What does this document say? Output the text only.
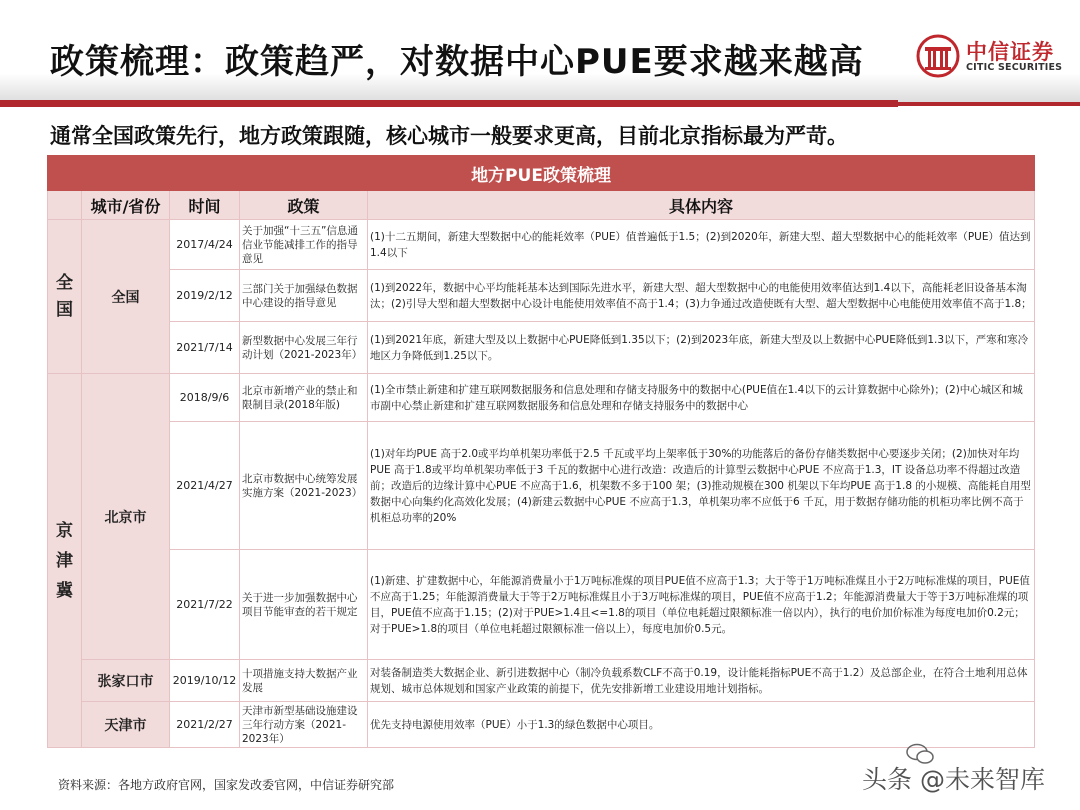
政策梳理：政策趋严，对数据中心PUE要求越来越高	中信证券
CITIC SECURITIES
通常全国政策先行，地方政策跟随，核心城市一般要求更高，目前北京指标最为严苛。
地方PUE政策梳理				
	城市/省份	时间	政策	具体内容
全国	全国	2017/4/24	关于加强“十三五”信息通信业节能减排工作的指导意见	(1)十二五期间，新建大型数据中心的能耗效率（PUE）值普遍低于1.5；(2)到2020年，新建大型、超大型数据中心的能耗效率（PUE）值达到1.4以下
		2019/2/12	三部门关于加强绿色数据中心建设的指导意见	(1)到2022年，数据中心平均能耗基本达到国际先进水平，新建大型、超大型数据中心的电能使用效率值达到1.4以下，高能耗老旧设备基本淘汰；(2)引导大型和超大型数据中心设计电能使用效率值不高于1.4；(3)力争通过改造使既有大型、超大型数据中心电能使用效率值不高于1.8；
		2021/7/14	新型数据中心发展三年行动计划（2021-2023年）	(1)到2021年底，新建大型及以上数据中心PUE降低到1.35以下；(2)到2023年底，新建大型及以上数据中心PUE降低到1.3以下，严寒和寒冷地区力争降低到1.25以下。
京津冀	北京市	2018/9/6	北京市新增产业的禁止和限制目录(2018年版)	(1)全市禁止新建和扩建互联网数据服务和信息处理和存储支持服务中的数据中心(PUE值在1.4以下的云计算数据中心除外)；(2)中心城区和城市副中心禁止新建和扩建互联网数据服务和信息处理和存储支持服务中的数据中心
		2021/4/27	北京市数据中心统筹发展实施方案（2021-2023）	(1)对年均PUE 高于2.0或平均单机架功率低于2.5 千瓦或平均上架率低于30%的功能落后的备份存储类数据中心要逐步关闭；(2)加快对年均PUE 高于1.8或平均单机架功率低于3 千瓦的数据中心进行改造：改造后的计算型云数据中心PUE 不应高于1.3，IT 设备总功率不得超过改造前；改造后的边缘计算中心PUE 不应高于1.6，机架数不多于100 架；(3)推动规模在300 机架以下年均PUE 高于1.8 的小规模、高能耗自用型数据中心向集约化高效化发展；(4)新建云数据中心PUE 不应高于1.3，单机架功率不应低于6 千瓦，用于数据存储功能的机柜功率比例不高于机柜总功率的20%
		2021/7/22	关于进一步加强数据中心项目节能审查的若干规定	(1)新建、扩建数据中心，年能源消费量小于1万吨标准煤的项目PUE值不应高于1.3；大于等于1万吨标准煤且小于2万吨标准煤的项目，PUE值不应高于1.25；年能源消费量大于等于2万吨标准煤且小于3万吨标准煤的项目，PUE值不应高于1.2；年能源消费量大于等于3万吨标准煤的项目，PUE值不应高于1.15；(2)对于PUE>1.4且<=1.8的项目（单位电耗超过限额标准一倍以内），执行的电价加价标准为每度电加价0.2元；对于PUE>1.8的项目（单位电耗超过限额标准一倍以上），每度电加价0.5元。
	张家口市	2019/10/12	十项措施支持大数据产业发展	对装备制造类大数据企业、新引进数据中心（制冷负载系数CLF不高于0.19，设计能耗指标PUE不高于1.2）及总部企业，在符合土地利用总体规划、城市总体规划和国家产业政策的前提下，优先安排新增工业建设用地计划指标。
	天津市	2021/2/27	天津市新型基础设施建设三年行动方案（2021-2023年）	优先支持电源使用效率（PUE）小于1.3的绿色数据中心项目。
资料来源：各地方政府官网，国家发改委官网，中信证券研究部	头条 @未来智库
